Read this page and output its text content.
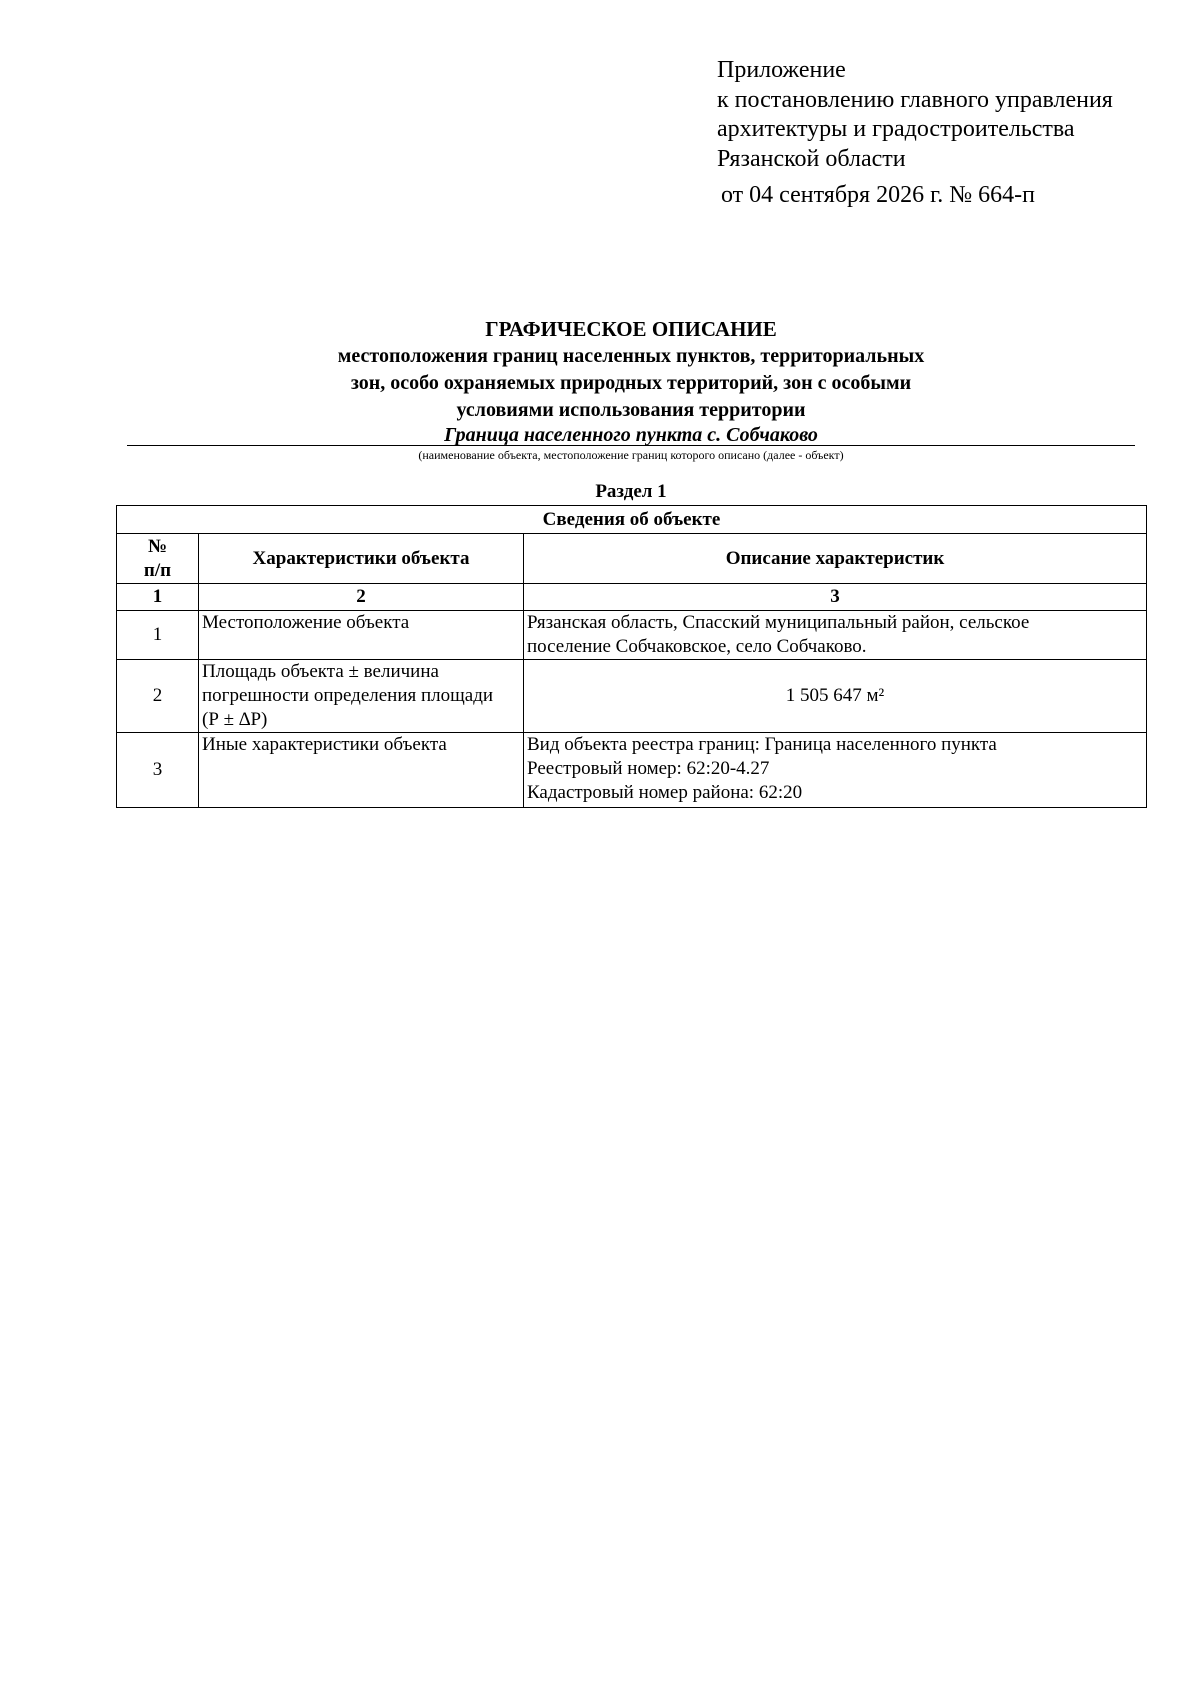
Приложение
к постановлению главного управления
архитектуры и градостроительства
Рязанской области
от 04 сентября 2026 г. № 664-п
ГРАФИЧЕСКОЕ ОПИСАНИЕ
местоположения границ населенных пунктов, территориальных
зон, особо охраняемых природных территорий, зон с особыми
условиями использования территории
Граница населенного пункта с. Собчаково
(наименование объекта, местоположение границ которого описано (далее - объект)
Раздел 1
Сведения об объекте		

№
п/п	Характеристики объекта	Описание характеристик
1	2	3
1	Местоположение объекта	Рязанская область, Спасский муниципальный район, сельское
поселение Собчаковское, село Собчаково.

2	Площадь объекта ± величина
погрешности определения площади
(Р ± ∆Р)	1 505 647 м²
3	Иные характеристики объекта	Вид объекта реестра границ: Граница населенного пункта
Реестровый номер: 62:20-4.27
Кадастровый номер района: 62:20
